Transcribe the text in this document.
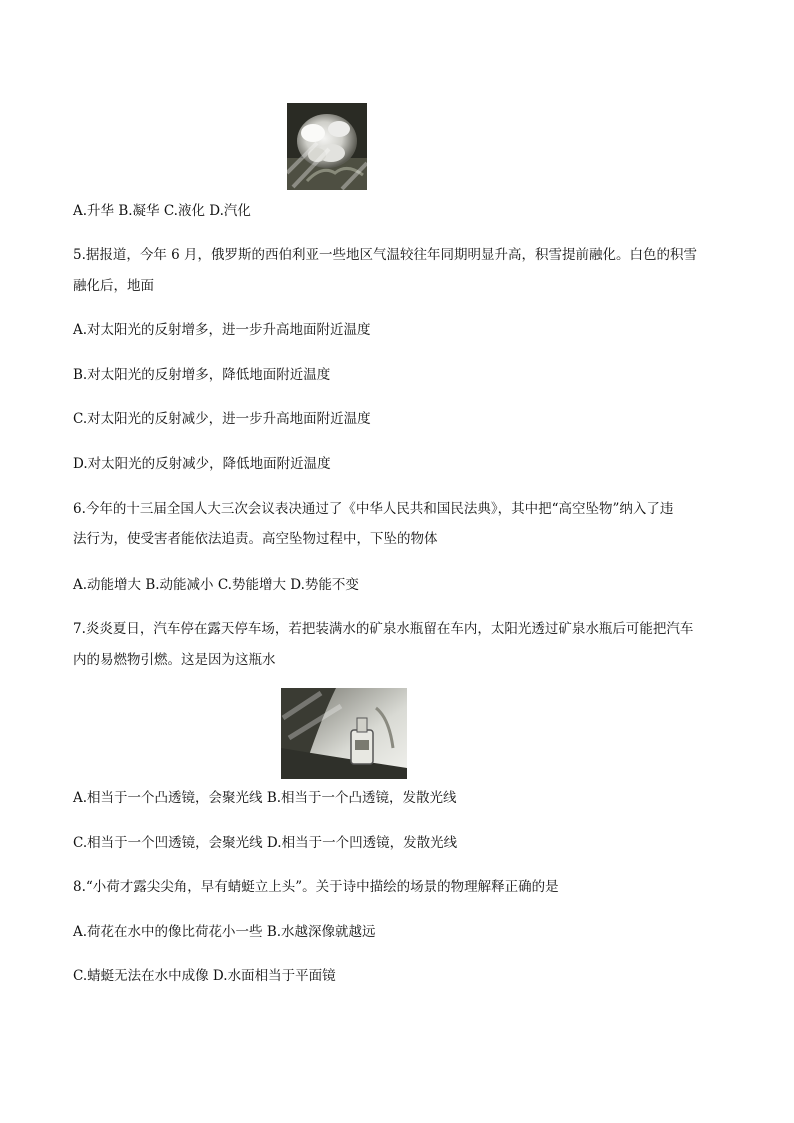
A.升华 B.凝华 C.液化 D.汽化
5.据报道，今年 6 月，俄罗斯的西伯利亚一些地区气温较往年同期明显升高，积雪提前融化。白色的积雪
融化后，地面
A.对太阳光的反射增多，进一步升高地面附近温度
B.对太阳光的反射增多，降低地面附近温度
C.对太阳光的反射减少，进一步升高地面附近温度
D.对太阳光的反射减少，降低地面附近温度
6.今年的十三届全国人大三次会议表决通过了《中华人民共和国民法典》，其中把“高空坠物”纳入了违
法行为，使受害者能依法追责。高空坠物过程中，下坠的物体
A.动能增大 B.动能减小 C.势能增大 D.势能不变
7.炎炎夏日，汽车停在露天停车场，若把装满水的矿泉水瓶留在车内，太阳光透过矿泉水瓶后可能把汽车
内的易燃物引燃。这是因为这瓶水
A.相当于一个凸透镜，会聚光线 B.相当于一个凸透镜，发散光线
C.相当于一个凹透镜，会聚光线 D.相当于一个凹透镜，发散光线
8.“小荷才露尖尖角，早有蜻蜓立上头”。关于诗中描绘的场景的物理解释正确的是
A.荷花在水中的像比荷花小一些 B.水越深像就越远
C.蜻蜓无法在水中成像 D.水面相当于平面镜
